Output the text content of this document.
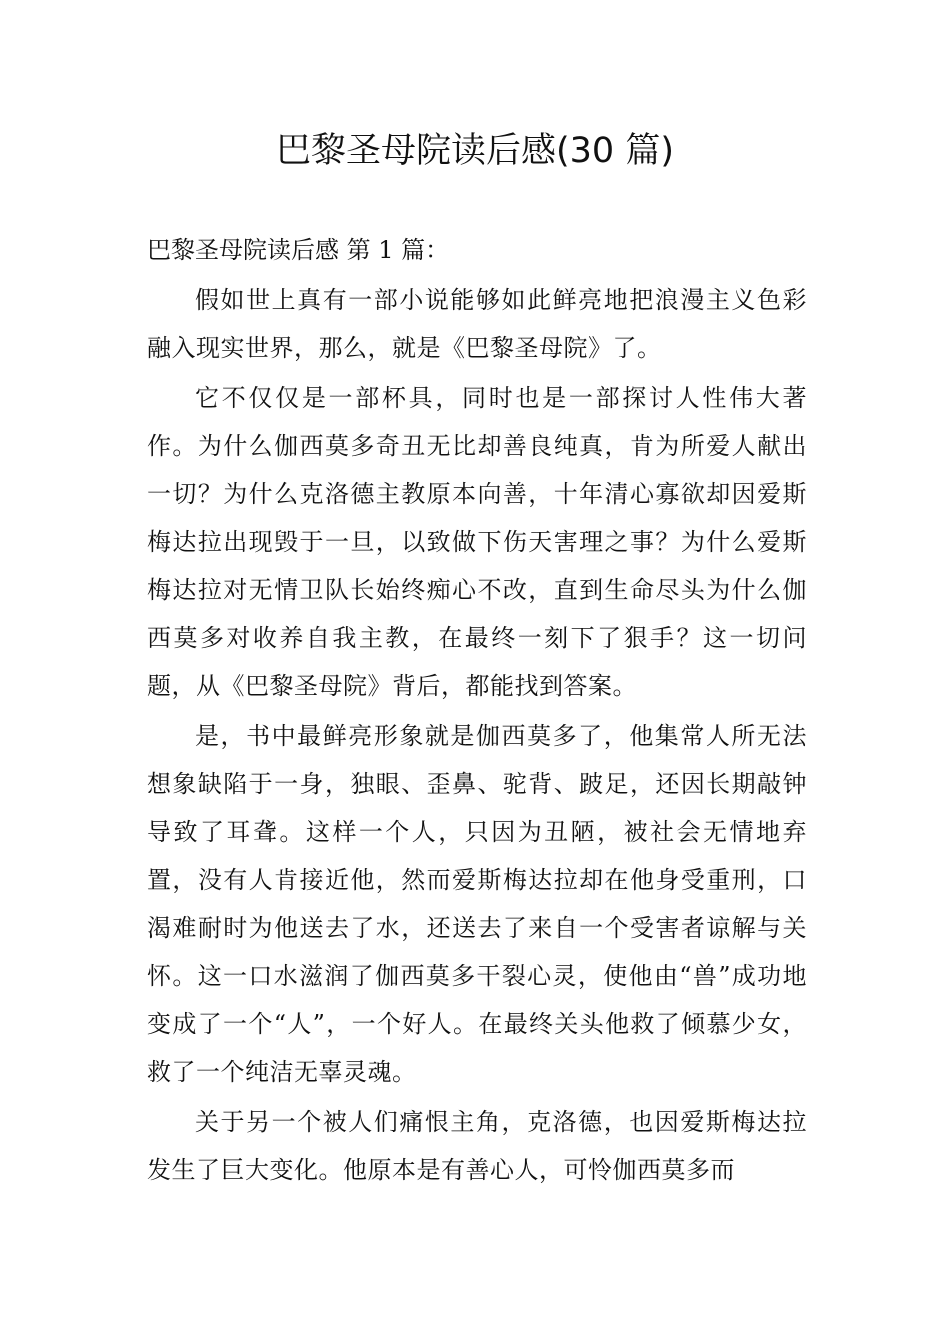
巴黎圣母院读后感(30 篇)

巴黎圣母院读后感 第 1 篇：

假如世上真有一部小说能够如此鲜亮地把浪漫主义色彩融入现实世界，那么，就是《巴黎圣母院》了。

它不仅仅是一部杯具，同时也是一部探讨人性伟大著作。为什么伽西莫多奇丑无比却善良纯真，肯为所爱人献出一切？为什么克洛德主教原本向善，十年清心寡欲却因爱斯梅达拉出现毁于一旦，以致做下伤天害理之事？为什么爱斯梅达拉对无情卫队长始终痴心不改，直到生命尽头为什么伽西莫多对收养自我主教，在最终一刻下了狠手？这一切问题，从《巴黎圣母院》背后，都能找到答案。

是，书中最鲜亮形象就是伽西莫多了，他集常人所无法想象缺陷于一身，独眼、歪鼻、驼背、跛足，还因长期敲钟导致了耳聋。这样一个人，只因为丑陋，被社会无情地弃置，没有人肯接近他，然而爱斯梅达拉却在他身受重刑，口渴难耐时为他送去了水，还送去了来自一个受害者谅解与关怀。这一口水滋润了伽西莫多干裂心灵，使他由“兽”成功地变成了一个“人”，一个好人。在最终关头他救了倾慕少女，救了一个纯洁无辜灵魂。

关于另一个被人们痛恨主角，克洛德，也因爱斯梅达拉发生了巨大变化。他原本是有善心人，可怜伽西莫多而
